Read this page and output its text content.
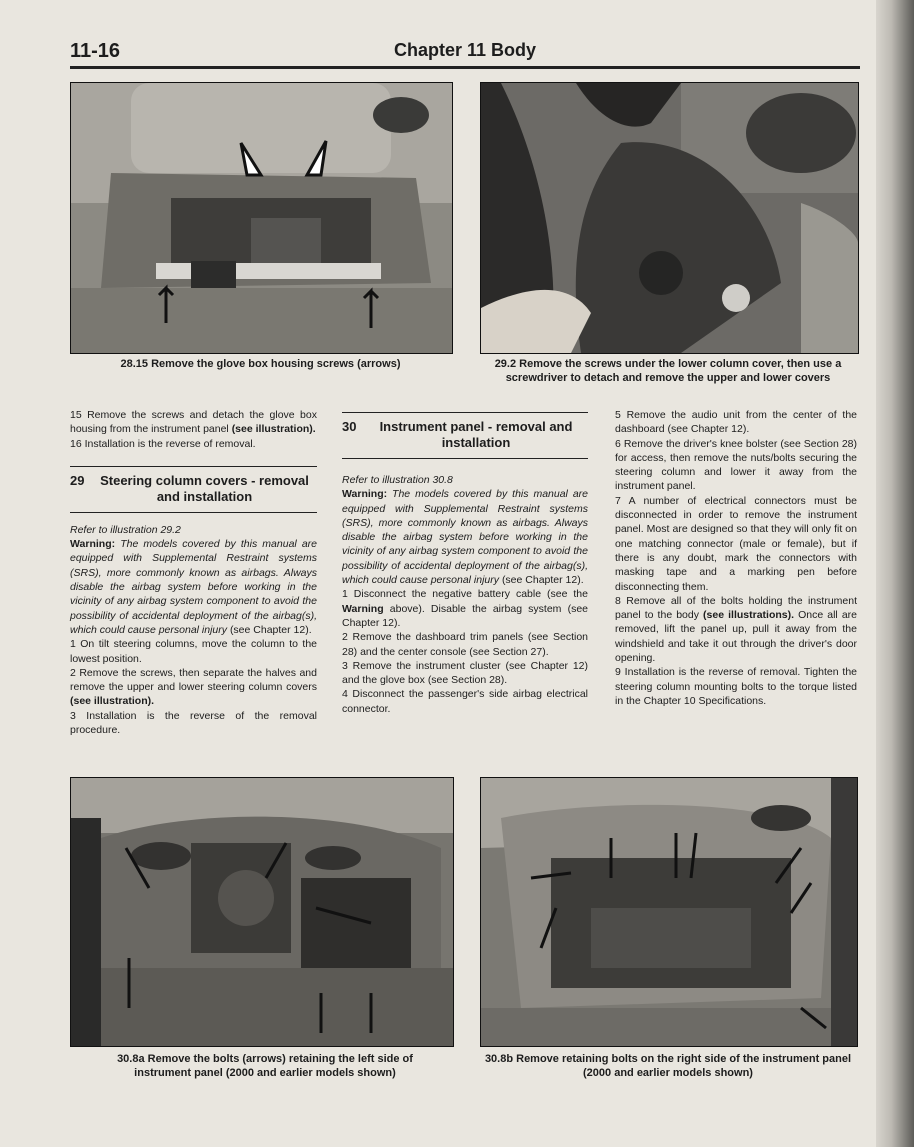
11-16	Chapter 11 Body
28.15 Remove the glove box housing screws (arrows)	29.2 Remove the screws under the lower column cover, then use a screwdriver to detach and remove the upper and lower covers

15 Remove the screws and detach the glove box housing from the instrument panel (see illustration).

16 Installation is the reverse of removal.

29 Steering column covers - removal and installation

Refer to illustration 29.2

Warning: The models covered by this manual are equipped with Supplemental Restraint systems (SRS), more commonly known as airbags. Always disable the airbag system before working in the vicinity of any airbag system component to avoid the possibility of accidental deployment of the airbag(s), which could cause personal injury (see Chapter 12).

1 On tilt steering columns, move the column to the lowest position.

2 Remove the screws, then separate the halves and remove the upper and lower steering column covers (see illustration).

3 Installation is the reverse of the removal procedure.

30 Instrument panel - removal and installation

Refer to illustration 30.8

Warning: The models covered by this manual are equipped with Supplemental Restraint systems (SRS), more commonly known as airbags. Always disable the airbag system before working in the vicinity of any airbag system component to avoid the possibility of accidental deployment of the airbag(s), which could cause personal injury (see Chapter 12).

1 Disconnect the negative battery cable (see the Warning above). Disable the airbag system (see Chapter 12).

2 Remove the dashboard trim panels (see Section 28) and the center console (see Section 27).

3 Remove the instrument cluster (see Chapter 12) and the glove box (see Section 28).

4 Disconnect the passenger's side airbag electrical connector.

5 Remove the audio unit from the center of the dashboard (see Chapter 12).

6 Remove the driver's knee bolster (see Section 28) for access, then remove the nuts/bolts securing the steering column and lower it away from the instrument panel.

7 A number of electrical connectors must be disconnected in order to remove the instrument panel. Most are designed so that they will only fit on one matching connector (male or female), but if there is any doubt, mark the connectors with masking tape and a marking pen before disconnecting them.

8 Remove all of the bolts holding the instrument panel to the body (see illustrations). Once all are removed, lift the panel up, pull it away from the windshield and take it out through the driver's door opening.

9 Installation is the reverse of removal. Tighten the steering column mounting bolts to the torque listed in the Chapter 10 Specifications.

30.8a Remove the bolts (arrows) retaining the left side of instrument panel (2000 and earlier models shown)
30.8b Remove retaining bolts on the right side of the instrument panel (2000 and earlier models shown)
